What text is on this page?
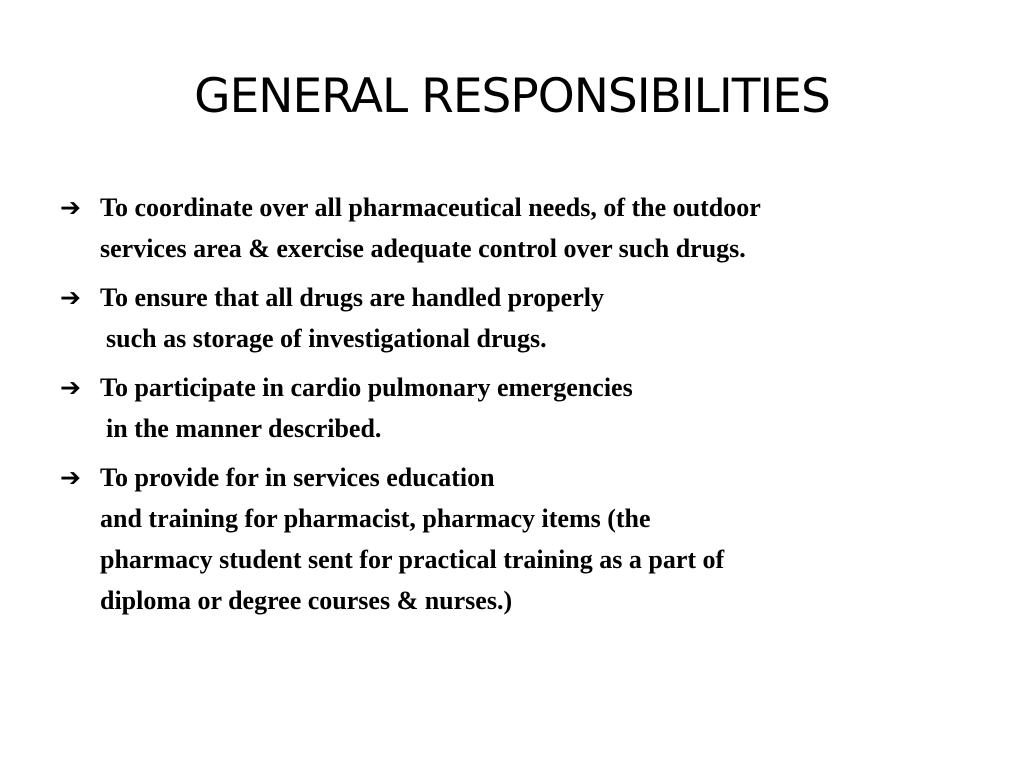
GENERAL RESPONSIBILITIES
➔ To coordinate over all pharmaceutical needs, of the outdoor
services area & exercise adequate control over such drugs.
➔ To ensure that all drugs are handled properly
such as storage of investigational drugs.
➔ To participate in cardio pulmonary emergencies
in the manner described.
➔ To provide for in services education
and training for pharmacist, pharmacy items (the
pharmacy student sent for practical training as a part of
diploma or degree courses & nurses.)
